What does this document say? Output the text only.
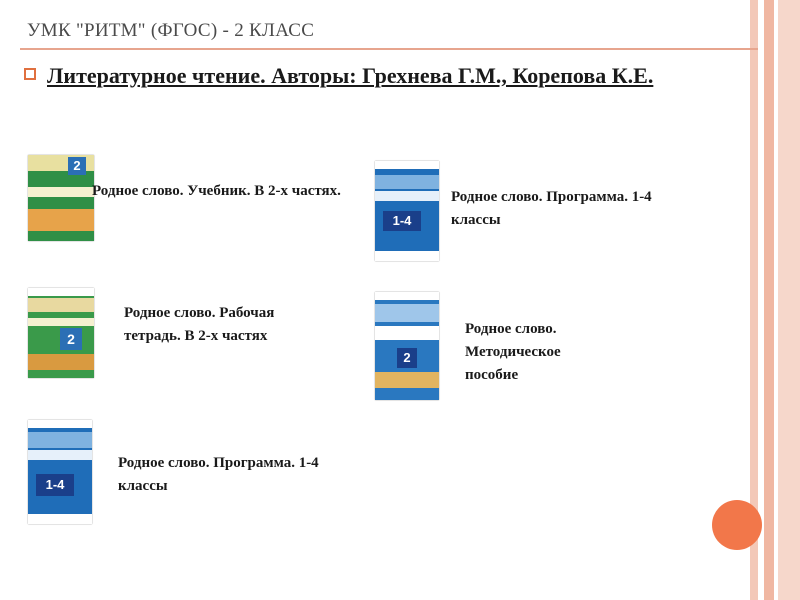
УМК "РИТМ" (ФГОС) - 2 КЛАСС
Литературное чтение. Авторы: Грехнева Г.М., Корепова К.Е.
2
Родное слово. Учебник. В 2-х частях.
1-4
Родное слово. Программа. 1-4 классы
2
Родное слово. Рабочая тетрадь. В 2-х частях
2
Родное слово. Методическое пособие
1-4
Родное слово. Программа. 1-4 классы
